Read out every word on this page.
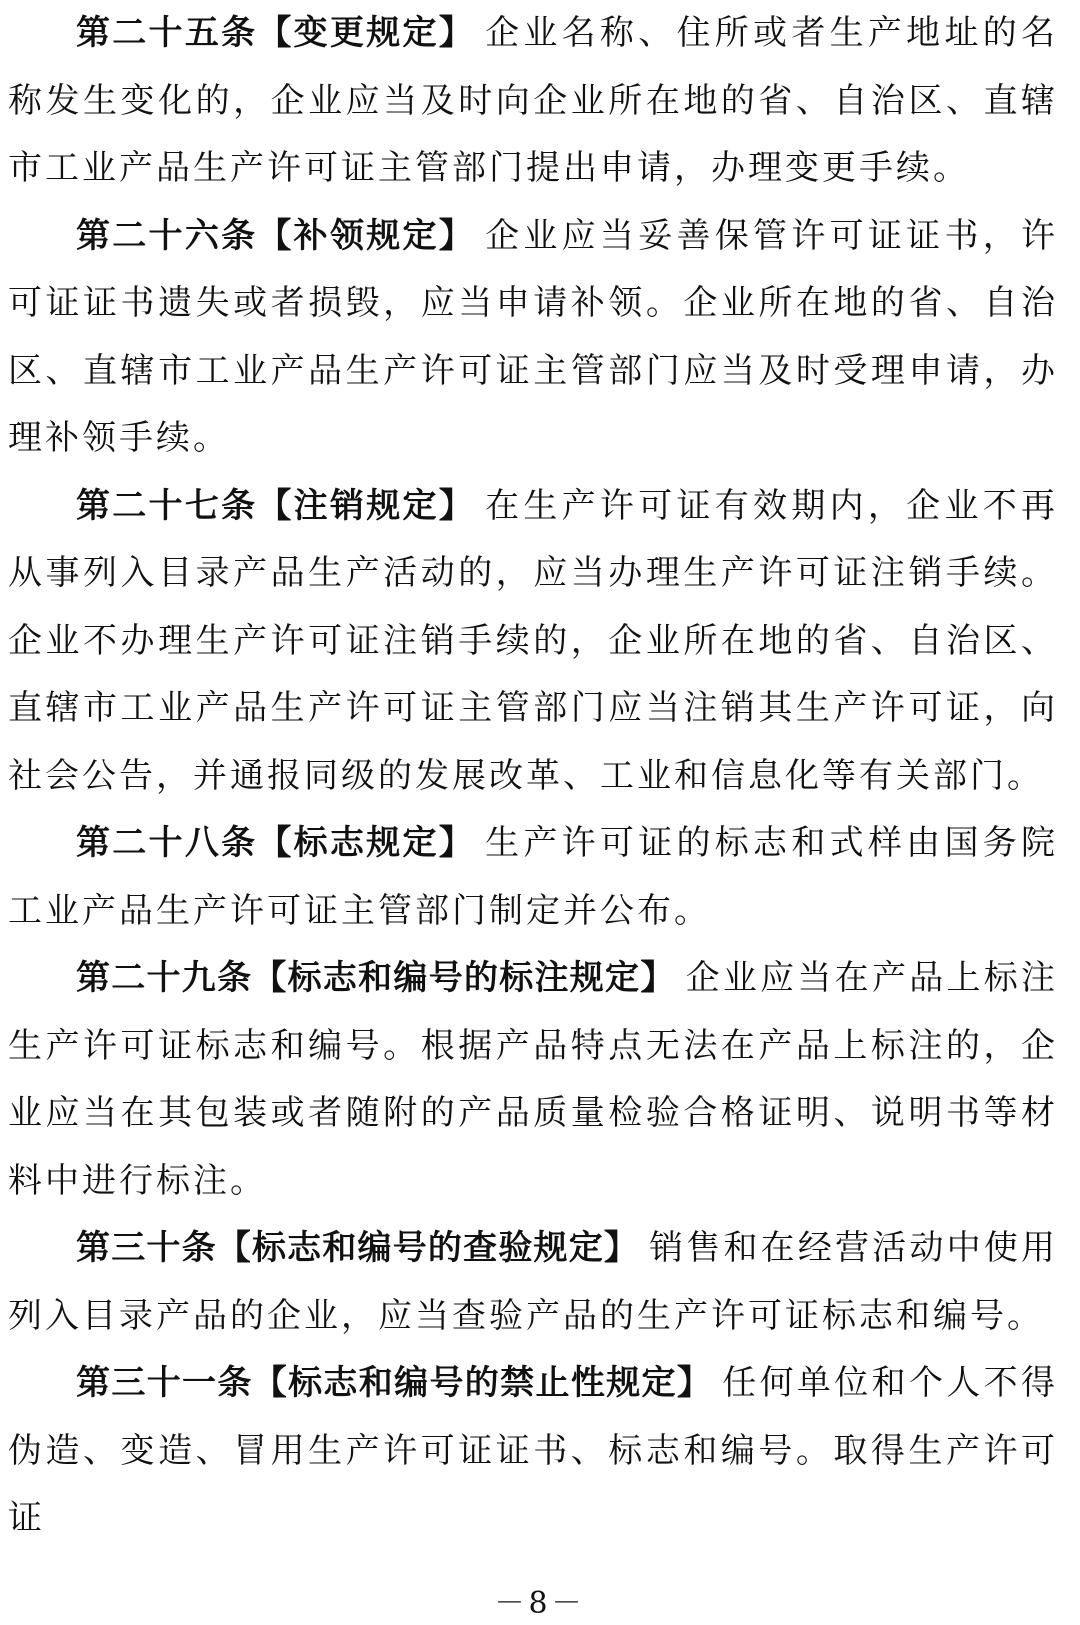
第二十五条【变更规定】 企业名称、住所或者生产地址的名称发生变化的，企业应当及时向企业所在地的省、自治区、直辖市工业产品生产许可证主管部门提出申请，办理变更手续。

第二十六条【补领规定】 企业应当妥善保管许可证证书，许可证证书遗失或者损毁，应当申请补领。企业所在地的省、自治区、直辖市工业产品生产许可证主管部门应当及时受理申请，办理补领手续。

第二十七条【注销规定】 在生产许可证有效期内，企业不再从事列入目录产品生产活动的，应当办理生产许可证注销手续。企业不办理生产许可证注销手续的，企业所在地的省、自治区、直辖市工业产品生产许可证主管部门应当注销其生产许可证，向社会公告，并通报同级的发展改革、工业和信息化等有关部门。

第二十八条【标志规定】 生产许可证的标志和式样由国务院工业产品生产许可证主管部门制定并公布。

第二十九条【标志和编号的标注规定】 企业应当在产品上标注生产许可证标志和编号。根据产品特点无法在产品上标注的，企业应当在其包装或者随附的产品质量检验合格证明、说明书等材料中进行标注。

第三十条【标志和编号的查验规定】 销售和在经营活动中使用列入目录产品的企业，应当查验产品的生产许可证标志和编号。

第三十一条【标志和编号的禁止性规定】 任何单位和个人不得伪造、变造、冒用生产许可证证书、标志和编号。取得生产许可证

－8－
